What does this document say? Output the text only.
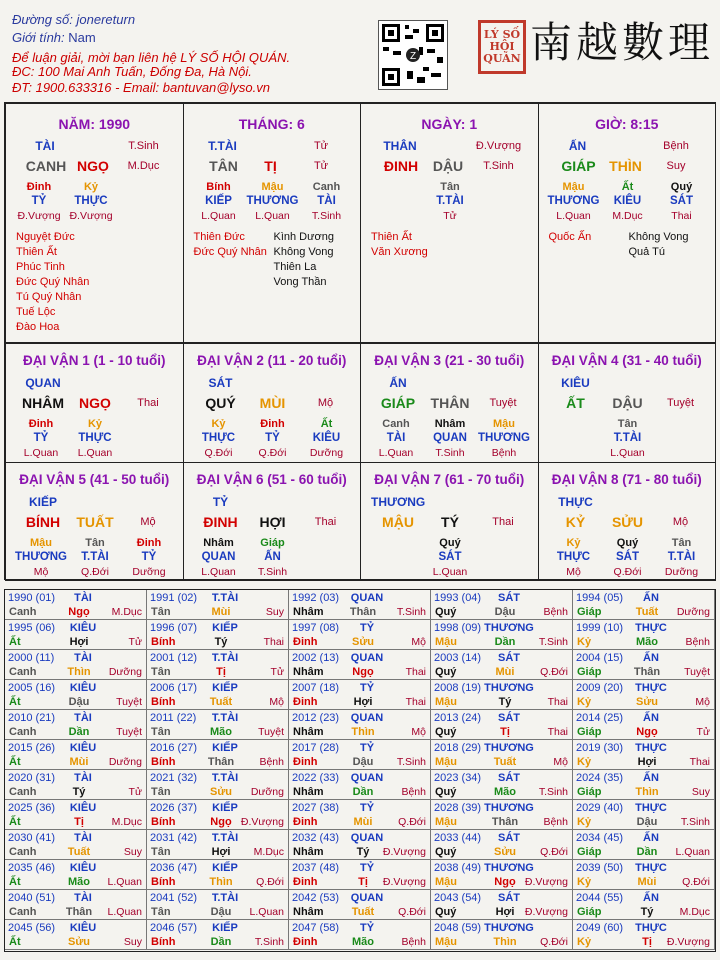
Đường số: jonereturn
Giới tính: Nam
Để luận giải, mời bạn liên hệ LÝ SỐ HỘI QUÁN.
ĐC: 100 Mai Anh Tuấn, Đống Đa, Hà Nội.
ĐT: 1900.633316 - Email: bantuvan@lyso.vn
Z
LÝ SỐ HỘI QUÁN 南越數理
NĂM: 1990
TÀI	T.Sinh
CANH NGỌ	M.Dục
Đinh
TỶ
Đ.Vượng
Kỷ
THỰC
Đ.Vượng
Nguyệt Đức
Thiên Ất
Phúc Tinh
Đức Quý Nhân
Tú Quý Nhân
Tuế Lộc
Đào Hoa
THÁNG: 6
T.TÀI	Tử
TÂN	TỊ	Tử
Bính
KIẾP
L.Quan
Mậu
THƯƠNG
L.Quan
Canh
TÀI
T.Sinh
Thiên Đức
Đức Quý Nhân
Kình Dương
Không Vong
Thiên La
Vong Thần
NGÀY: 1
THÂN	Đ.Vượng
ĐINH	DẬU	T.Sinh
Tân
T.TÀI
Tử
Thiên Ất
Văn Xương
GIỜ: 8:15
ẤN	Bệnh
GIÁP THÌN	Suy
Mậu
THƯƠNG
L.Quan
Ất
KIÊU
M.Dục
Quý
SÁT
Thai
Quốc Ấn	Không Vong
Quả Tú
ĐẠI VẬN 1 (1 - 10 tuổi)
QUAN
NHÂM	NGỌ	Thai
Đinh
TỶ
L.Quan
Kỷ
THỰC
L.Quan
ĐẠI VẬN 2 (11 - 20 tuổi)
SÁT
QUÝ	MÙI	Mộ
Kỷ
THỰC
Q.Đới
Đinh
TỶ
Q.Đới
Ất
KIÊU
Dưỡng
ĐẠI VẬN 3 (21 - 30 tuổi)
ẤN
GIÁP	THÂN	Tuyệt
Canh
TÀI
L.Quan
Nhâm
QUAN
T.Sinh
Mậu
THƯƠNG
Bệnh
ĐẠI VẬN 4 (31 - 40 tuổi)
KIÊU
ẤT	DẬU	Tuyệt
Tân
T.TÀI
L.Quan
ĐẠI VẬN 5 (41 - 50 tuổi)
KIẾP
BÍNH	TUẤT	Mộ
Mậu
THƯƠNG
Mộ
Tân
T.TÀI
Q.Đới
Đinh
TỶ
Dưỡng
ĐẠI VẬN 6 (51 - 60 tuổi)
TỶ
ĐINH	HỢI	Thai
Nhâm
QUAN
L.Quan
Giáp
ẤN
T.Sinh
ĐẠI VẬN 7 (61 - 70 tuổi)
THƯƠNG
MẬU	TÝ	Thai
Quý
SÁT
L.Quan
ĐẠI VẬN 8 (71 - 80 tuổi)
THỰC
KỶ	SỬU	Mộ
Kỷ
THỰC
Mộ
Quý
SÁT
Q.Đới
Tân
T.TÀI
Dưỡng
1990 (01) TÀI
Canh	Ngọ M.Dục
1991 (02) T.TÀI
Tân	Mùi	Suy
1992 (03) QUAN
Nhâm Thân T.Sinh
1993 (04) SÁT
Quý	Dậu	Bệnh
1994 (05) ẤN
Giáp	Tuất Dưỡng
1995 (06) KIÊU
Ất	Hợi	Tử
1996 (07) KIẾP
Bính	Tý	Thai
1997 (08) TỶ
Đinh	Sửu	Mộ
1998 (09) THƯƠNG
Mậu	Dần T.Sinh
1999 (10) THỰC
Kỷ	Mão	Bệnh
2000 (11) TÀI
Canh	Thìn Dưỡng
2001 (12) T.TÀI
Tân	Tị	Tử
2002 (13) QUAN
Nhâm	Ngọ	Thai
2003 (14) SÁT
Quý	Mùi Q.Đới
2004 (15) ẤN
Giáp	Thân Tuyệt
2005 (16) KIÊU
Ất	Dậu	Tuyệt
2006 (17) KIẾP
Bính	Tuất	Mộ
2007 (18) TỶ
Đinh	Hợi	Thai
2008 (19) THƯƠNG
Mậu	Tý	Thai
2009 (20) THỰC
Kỷ	Sửu	Mộ
2010 (21) TÀI
Canh	Dần	Tuyệt
2011 (22) T.TÀI
Tân	Mão Tuyệt
2012 (23) QUAN
Nhâm	Thìn	Mộ
2013 (24) SÁT
Quý	Tị	Thai
2014 (25) ẤN
Giáp	Ngọ	Tử
2015 (26) KIÊU
Ất	Mùi Dưỡng
2016 (27) KIẾP
Bính	Thân Bệnh
2017 (28) TỶ
Đinh	Dậu T.Sinh
2018 (29) THƯƠNG
Mậu	Tuất	Mộ
2019 (30) THỰC
Kỷ	Hợi	Thai
2020 (31) TÀI
Canh	Tý	Tử
2021 (32) T.TÀI
Tân	Sửu Dưỡng
2022 (33) QUAN
Nhâm	Dần	Bệnh
2023 (34) SÁT
Quý	Mão T.Sinh
2024 (35) ẤN
Giáp	Thìn	Suy
2025 (36) KIÊU
Ất	Tị	M.Dục
2026 (37) KIẾP
Bính	Ngọ Đ.Vượng
2027 (38) TỶ
Đinh	Mùi Q.Đới
2028 (39) THƯƠNG
Mậu	Thân Bệnh
2029 (40) THỰC
Kỷ	Dậu T.Sinh
2030 (41) TÀI
Canh	Tuất	Suy
2031 (42) T.TÀI
Tân	Hợi M.Dục
2032 (43) QUAN
Nhâm	Tý Đ.Vượng
2033 (44) SÁT
Quý	Sửu Q.Đới
2034 (45) ẤN
Giáp	Dần L.Quan
2035 (46) KIÊU
Ất	Mão L.Quan
2036 (47) KIẾP
Bính	Thìn Q.Đới
2037 (48) TỶ
Đinh	Tị Đ.Vượng
2038 (49) THƯƠNG
Mậu	Ngọ Đ.Vượng
2039 (50) THỰC
Kỷ	Mùi Q.Đới
2040 (51) TÀI
Canh	Thân L.Quan
2041 (52) T.TÀI
Tân	Dậu L.Quan
2042 (53) QUAN
Nhâm	Tuất Q.Đới
2043 (54) SÁT
Quý	Hợi Đ.Vượng
2044 (55) ẤN
Giáp	Tý M.Dục
2045 (56) KIÊU
Ất	Sửu	Suy
2046 (57) KIẾP
Bính	Dần T.Sinh
2047 (58) TỶ
Đinh	Mão	Bệnh
2048 (59) THƯƠNG
Mậu	Thìn Q.Đới
2049 (60) THỰC
Kỷ	Tị Đ.Vượng
